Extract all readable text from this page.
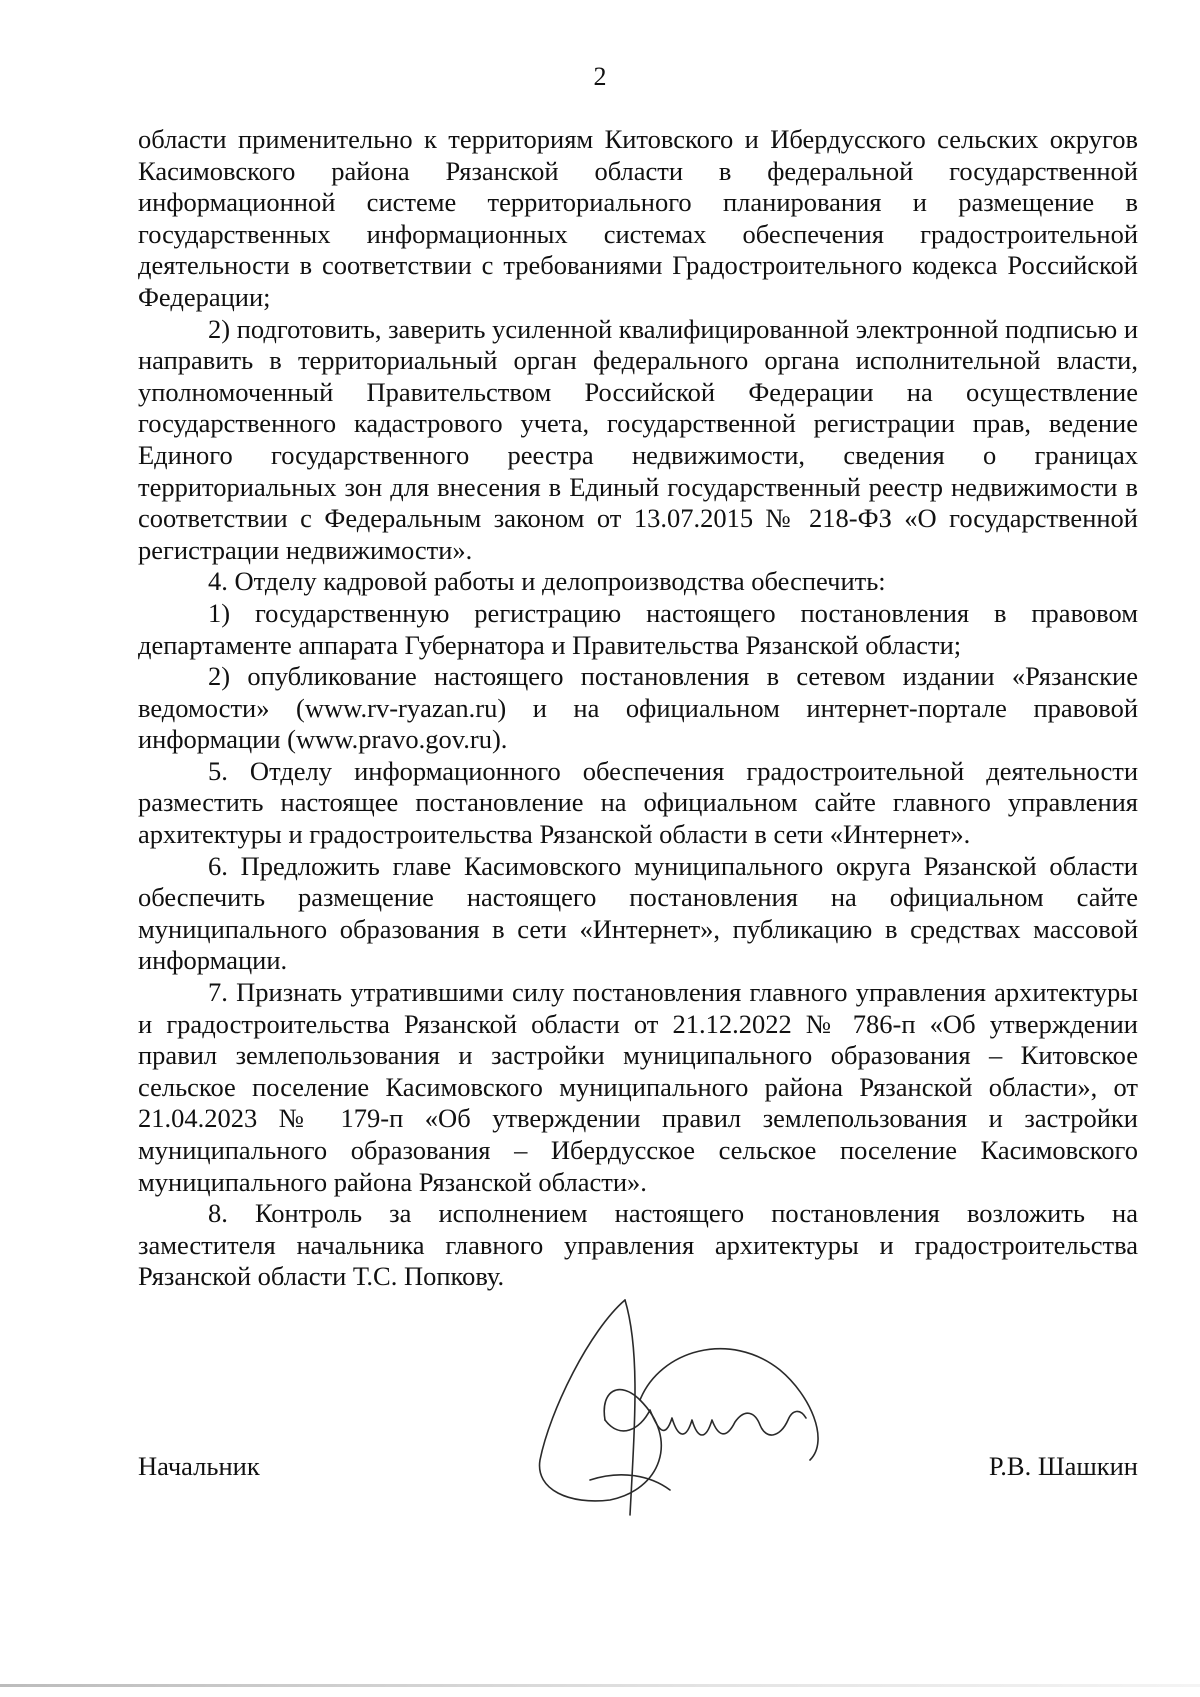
2

области применительно к территориям Китовского и Ибердусского сельских округов Касимовского района Рязанской области в федеральной государственной информационной системе территориального планирования и размещение в государственных информационных системах обеспечения градостроительной деятельности в соответствии с требованиями Градостроительного кодекса Российской Федерации;

2) подготовить, заверить усиленной квалифицированной электронной подписью и направить в территориальный орган федерального органа исполнительной власти, уполномоченный Правительством Российской Федерации на осуществление государственного кадастрового учета, государственной регистрации прав, ведение Единого государственного реестра недвижимости, сведения о границах территориальных зон для внесения в Единый государственный реестр недвижимости в соответствии с Федеральным законом от 13.07.2015 № 218-ФЗ «О государственной регистрации недвижимости».

4. Отделу кадровой работы и делопроизводства обеспечить:

1) государственную регистрацию настоящего постановления в правовом департаменте аппарата Губернатора и Правительства Рязанской области;

2) опубликование настоящего постановления в сетевом издании «Рязанские ведомости» (www.rv-ryazan.ru) и на официальном интернет-портале правовой информации (www.pravo.gov.ru).

5. Отделу информационного обеспечения градостроительной деятельности разместить настоящее постановление на официальном сайте главного управления архитектуры и градостроительства Рязанской области в сети «Интернет».

6. Предложить главе Касимовского муниципального округа Рязанской области обеспечить размещение настоящего постановления на официальном сайте муниципального образования в сети «Интернет», публикацию в средствах массовой информации.

7. Признать утратившими силу постановления главного управления архитектуры и градостроительства Рязанской области от 21.12.2022 № 786-п «Об утверждении правил землепользования и застройки муниципального образования – Китовское сельское поселение Касимовского муниципального района Рязанской области», от 21.04.2023 № 179-п «Об утверждении правил землепользования и застройки муниципального образования – Ибердусское сельское поселение Касимовского муниципального района Рязанской области».

8. Контроль за исполнением настоящего постановления возложить на заместителя начальника главного управления архитектуры и градостроительства Рязанской области Т.С. Попкову.

Начальник	Р.В. Шашкин
